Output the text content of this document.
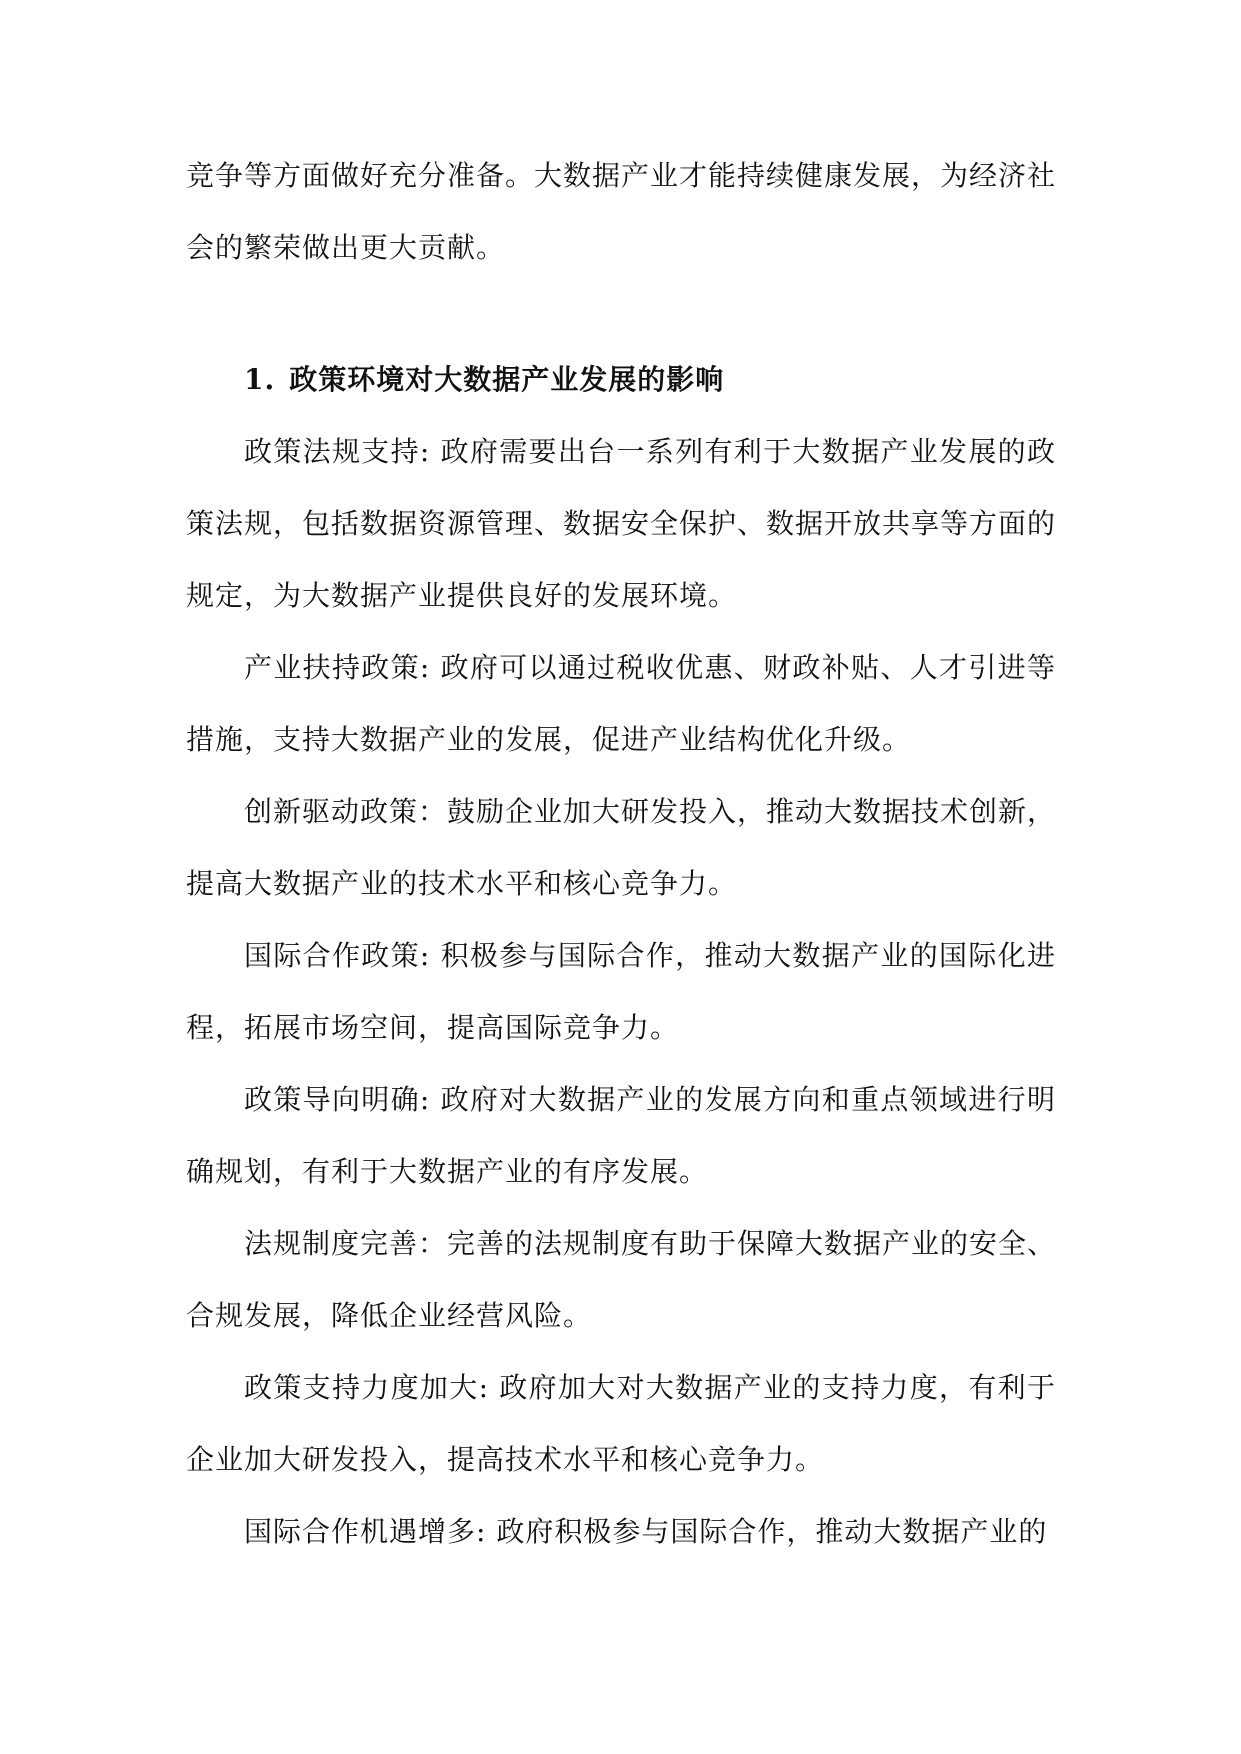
竞争等方面做好充分准备。大数据产业才能持续健康发展，为经济社会的繁荣做出更大贡献。

1. 政策环境对大数据产业发展的影响

政策法规支持: 政府需要出台一系列有利于大数据产业发展的政策法规，包括数据资源管理、数据安全保护、数据开放共享等方面的规定，为大数据产业提供良好的发展环境。

产业扶持政策: 政府可以通过税收优惠、财政补贴、人才引进等措施，支持大数据产业的发展，促进产业结构优化升级。

创新驱动政策：鼓励企业加大研发投入，推动大数据技术创新，提高大数据产业的技术水平和核心竞争力。

国际合作政策: 积极参与国际合作，推动大数据产业的国际化进程，拓展市场空间，提高国际竞争力。

政策导向明确: 政府对大数据产业的发展方向和重点领域进行明确规划，有利于大数据产业的有序发展。

法规制度完善：完善的法规制度有助于保障大数据产业的安全、合规发展，降低企业经营风险。

政策支持力度加大: 政府加大对大数据产业的支持力度，有利于企业加大研发投入，提高技术水平和核心竞争力。

国际合作机遇增多: 政府积极参与国际合作，推动大数据产业的
